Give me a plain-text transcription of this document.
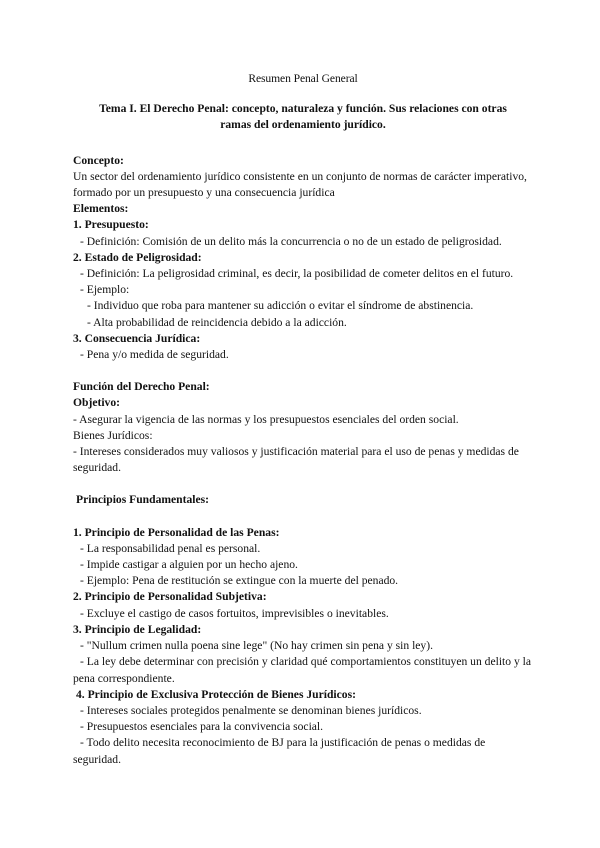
Resumen Penal General
Tema I. El Derecho Penal: concepto, naturaleza y función. Sus relaciones con otras ramas del ordenamiento jurídico.
Concepto:
Un sector del ordenamiento jurídico consistente en un conjunto de normas de carácter imperativo, formado por un presupuesto y una consecuencia jurídica
Elementos:
1. Presupuesto:
- Definición: Comisión de un delito más la concurrencia o no de un estado de peligrosidad.
2. Estado de Peligrosidad:
- Definición: La peligrosidad criminal, es decir, la posibilidad de cometer delitos en el futuro.
- Ejemplo:
- Individuo que roba para mantener su adicción o evitar el síndrome de abstinencia.
- Alta probabilidad de reincidencia debido a la adicción.
3. Consecuencia Jurídica:
- Pena y/o medida de seguridad.
Función del Derecho Penal:
Objetivo:
- Asegurar la vigencia de las normas y los presupuestos esenciales del orden social.
Bienes Jurídicos:
- Intereses considerados muy valiosos y justificación material para el uso de penas y medidas de seguridad.
Principios Fundamentales:
1. Principio de Personalidad de las Penas:
- La responsabilidad penal es personal.
- Impide castigar a alguien por un hecho ajeno.
- Ejemplo: Pena de restitución se extingue con la muerte del penado.
2. Principio de Personalidad Subjetiva:
- Excluye el castigo de casos fortuitos, imprevisibles o inevitables.
3. Principio de Legalidad:
- "Nullum crimen nulla poena sine lege" (No hay crimen sin pena y sin ley).
- La ley debe determinar con precisión y claridad qué comportamientos constituyen un delito y la pena correspondiente.
4. Principio de Exclusiva Protección de Bienes Jurídicos:
- Intereses sociales protegidos penalmente se denominan bienes jurídicos.
- Presupuestos esenciales para la convivencia social.
- Todo delito necesita reconocimiento de BJ para la justificación de penas o medidas de seguridad.
